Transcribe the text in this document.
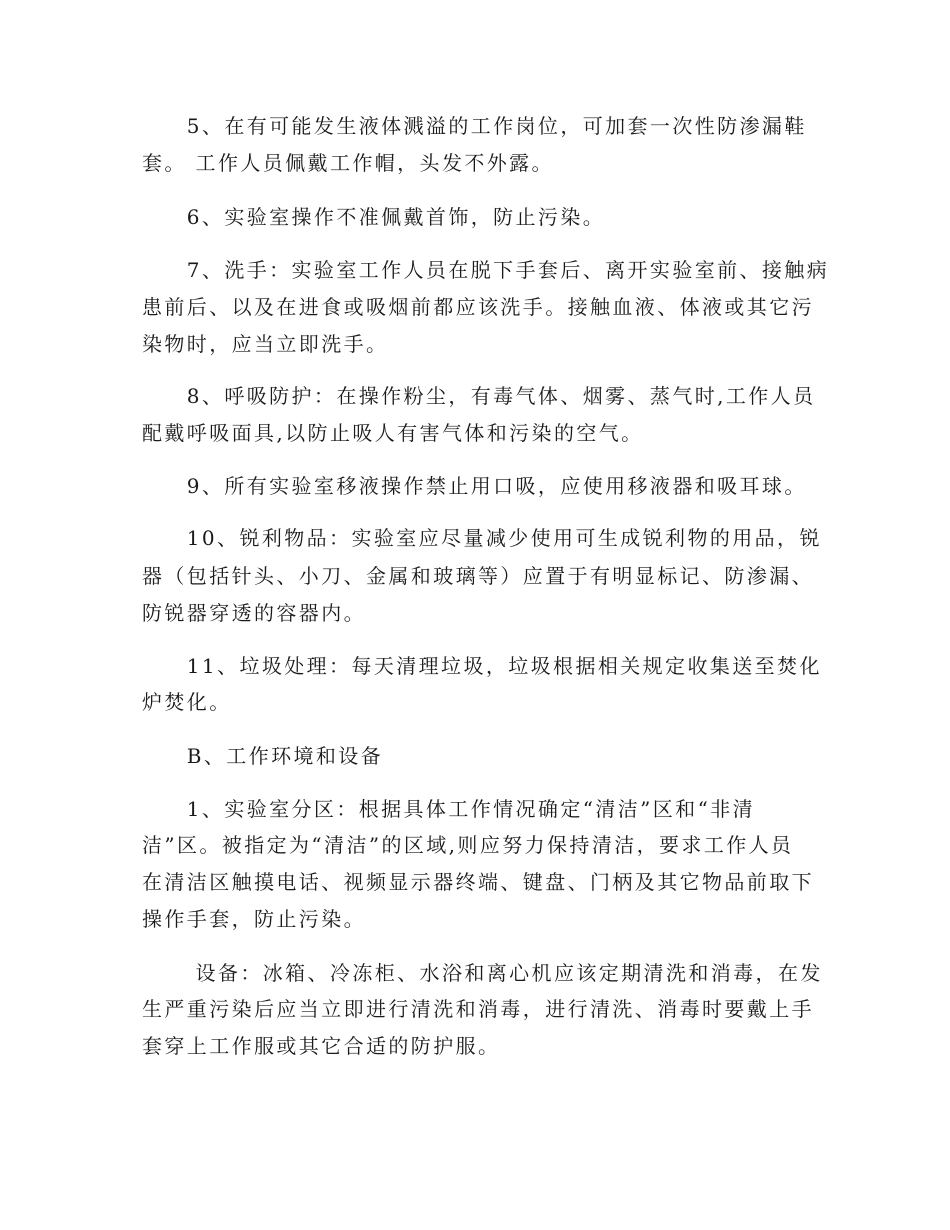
　　5、在有可能发生液体溅溢的工作岗位，可加套一次性防渗漏鞋
套。 工作人员佩戴工作帽，头发不外露。
　　6、实验室操作不准佩戴首饰，防止污染。
　　7、洗手：实验室工作人员在脱下手套后、离开实验室前、接触病
患前后、以及在进食或吸烟前都应该洗手。接触血液、体液或其它污
染物时，应当立即洗手。
　　8、呼吸防护：在操作粉尘，有毒气体、烟雾、蒸气时,工作人员
配戴呼吸面具,以防止吸人有害气体和污染的空气。
　　9、所有实验室移液操作禁止用口吸，应使用移液器和吸耳球。
　　10、锐利物品：实验室应尽量减少使用可生成锐利物的用品，锐
器（包括针头、小刀、金属和玻璃等）应置于有明显标记、防渗漏、
防锐器穿透的容器内。
　　11、垃圾处理：每天清理垃圾，垃圾根据相关规定收集送至焚化
炉焚化。
　　B、工作环境和设备
　　1、实验室分区：根据具体工作情况确定“清洁”区和“非清
洁”区。被指定为“清洁”的区域,则应努力保持清洁，要求工作人员
在清洁区触摸电话、视频显示器终端、键盘、门柄及其它物品前取下
操作手套，防止污染。
　　 设备：冰箱、冷冻柜、水浴和离心机应该定期清洗和消毒，在发
生严重污染后应当立即进行清洗和消毒，进行清洗、消毒时要戴上手
套穿上工作服或其它合适的防护服。
